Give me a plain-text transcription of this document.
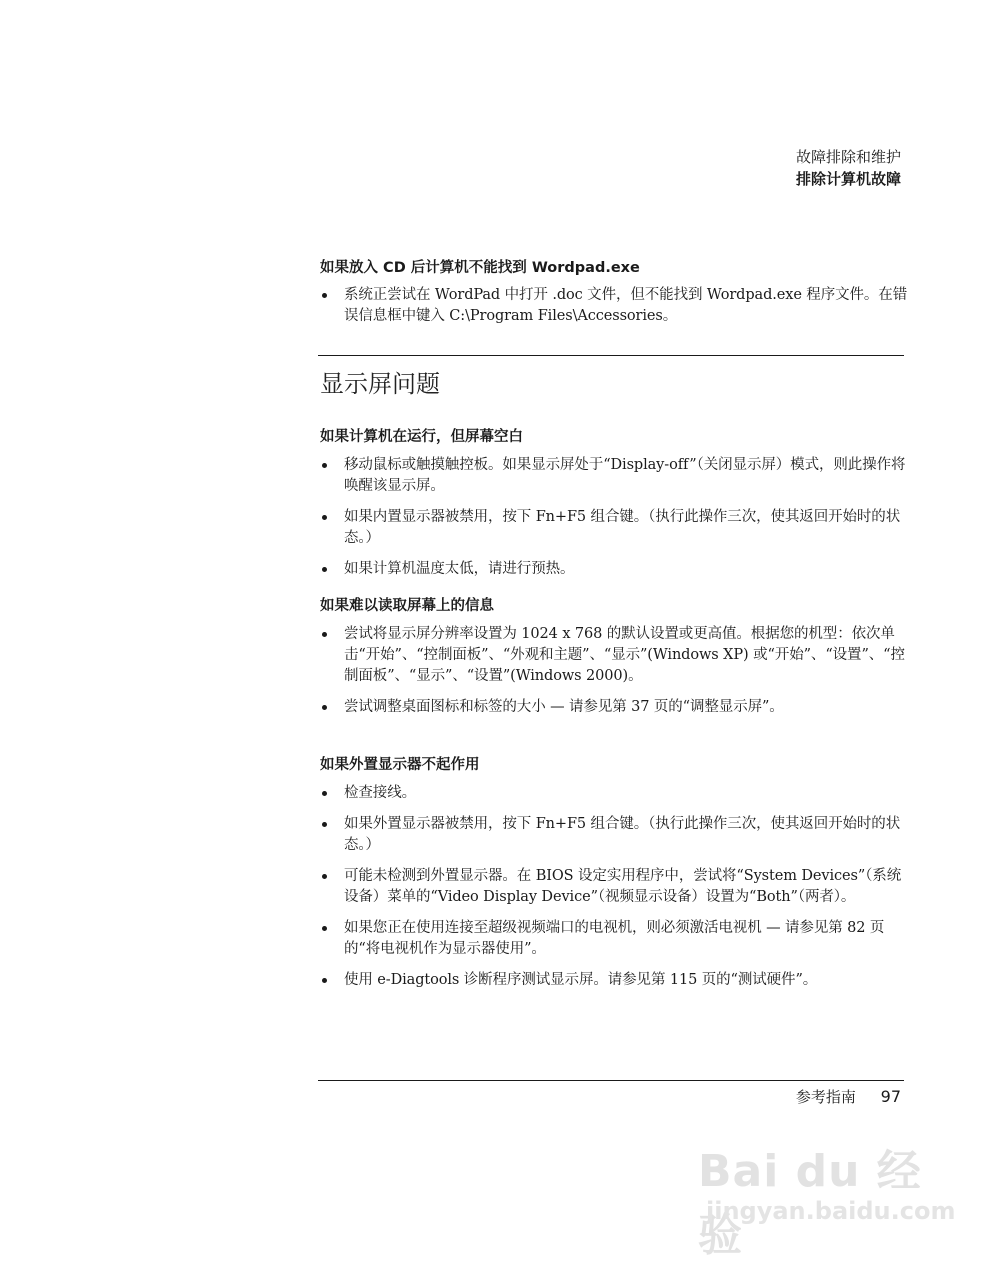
故障排除和维护
排除计算机故障
如果放入 CD 后计算机不能找到 Wordpad.exe
系统正尝试在 WordPad 中打开 .doc 文件，但不能找到 Wordpad.exe 程序文件。在错误信息框中键入 C:\Program Files\Accessories。
显示屏问题
如果计算机在运行，但屏幕空白
移动鼠标或触摸触控板。如果显示屏处于“Display-off”（关闭显示屏）模式，则此操作将唤醒该显示屏。
如果内置显示器被禁用，按下 Fn+F5 组合键。（执行此操作三次，使其返回开始时的状态。）
如果计算机温度太低，请进行预热。
如果难以读取屏幕上的信息
尝试将显示屏分辨率设置为 1024 x 768 的默认设置或更高值。根据您的机型：依次单击“开始”、“控制面板”、“外观和主题”、“显示”(Windows XP) 或“开始”、“设置”、“控制面板”、“显示”、“设置”(Windows 2000)。
尝试调整桌面图标和标签的大小 — 请参见第 37 页的“调整显示屏”。
如果外置显示器不起作用
检查接线。
如果外置显示器被禁用，按下 Fn+F5 组合键。（执行此操作三次，使其返回开始时的状态。）
可能未检测到外置显示器。在 BIOS 设定实用程序中，尝试将“System Devices”（系统设备）菜单的“Video Display Device”（视频显示设备）设置为“Both”（两者）。
如果您正在使用连接至超级视频端口的电视机，则必须激活电视机 — 请参见第 82 页的“将电视机作为显示器使用”。
使用 e-Diagtools 诊断程序测试显示屏。请参见第 115 页的“测试硬件”。
参考指南 97
Bai du 经验
jingyan.baidu.com
